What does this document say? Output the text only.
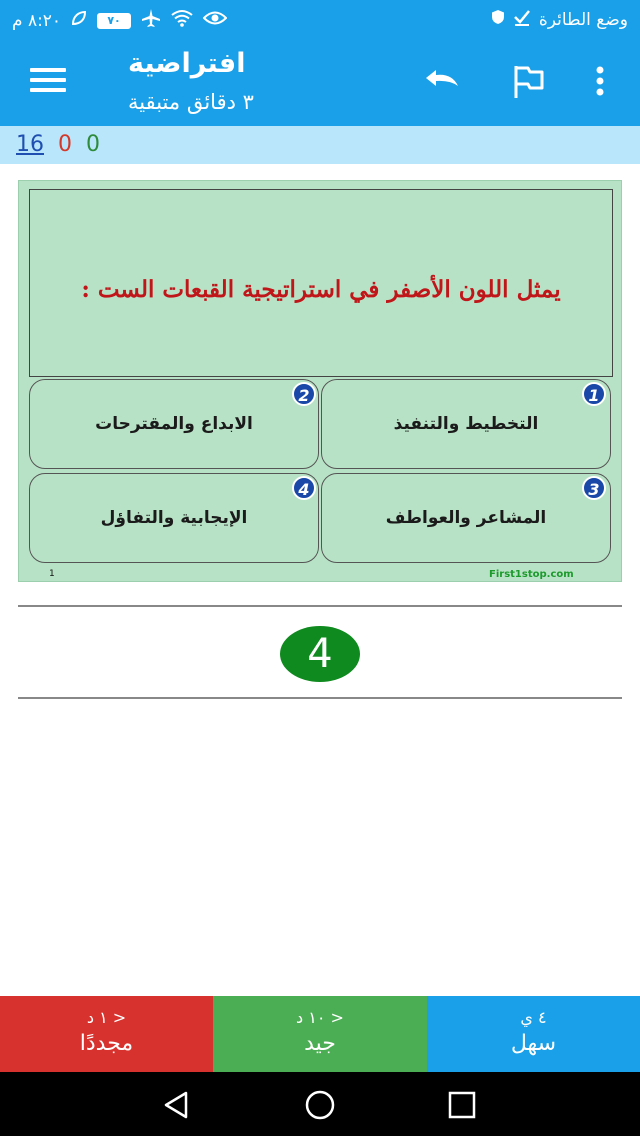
٨:٢٠ م	٧٠	وضع الطائرة
افتراضية
٣ دقائق متبقية
16 0 0
يمثل اللون الأصفر في استراتيجية القبعات الست :
1
التخطيط والتنفيذ
2
الابداع والمقترحات
3
المشاعر والعواطف
4
الإيجابية والتفاؤل
1	First1stop.com
4
< ١ د
مجددًا
< ١٠ د
جيد
٤ ي
سهل
